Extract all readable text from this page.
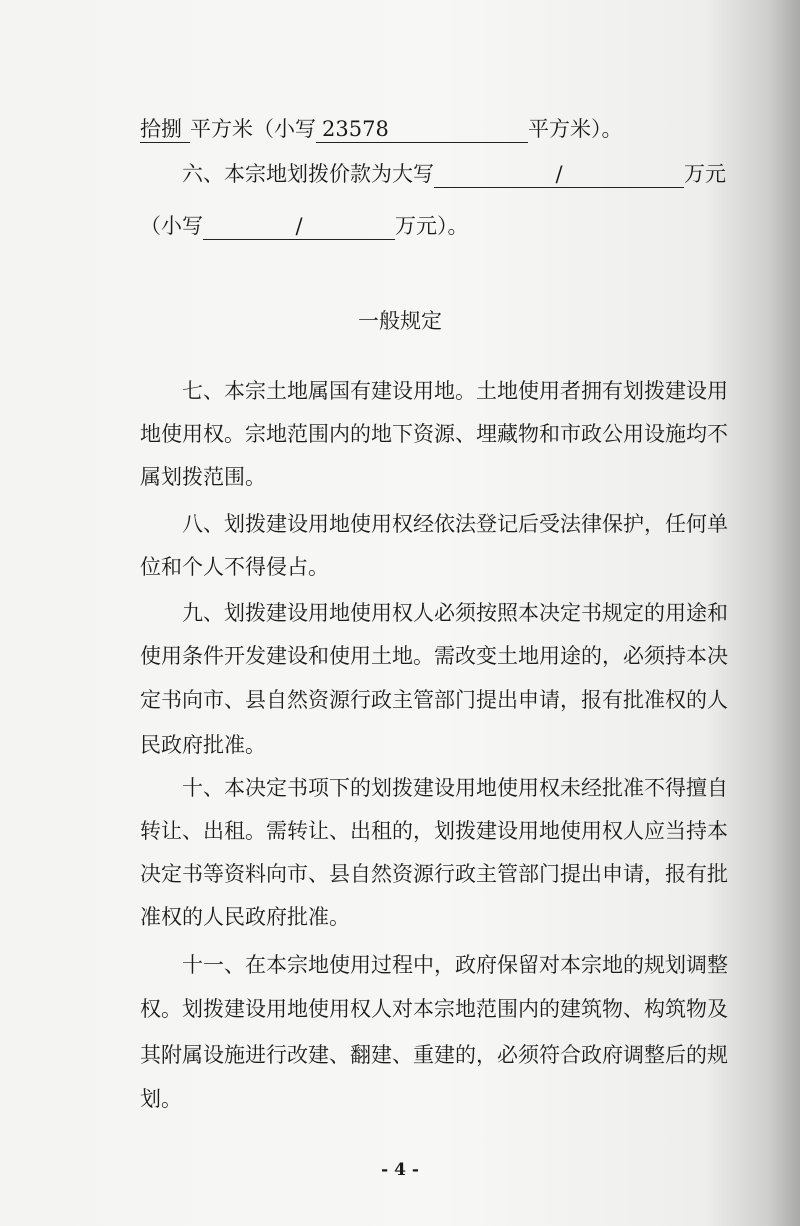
拾捌 平方米（小写 23578	平方米）。
六、本宗地划拨价款为大写	/	万元
（小写	/	万元）。
一般规定
七、本宗土地属国有建设用地。土地使用者拥有划拨建设用
地使用权。宗地范围内的地下资源、埋藏物和市政公用设施均不
属划拨范围。
八、划拨建设用地使用权经依法登记后受法律保护，任何单
位和个人不得侵占。
九、划拨建设用地使用权人必须按照本决定书规定的用途和
使用条件开发建设和使用土地。需改变土地用途的，必须持本决
定书向市、县自然资源行政主管部门提出申请，报有批准权的人
民政府批准。
十、本决定书项下的划拨建设用地使用权未经批准不得擅自
转让、出租。需转让、出租的，划拨建设用地使用权人应当持本
决定书等资料向市、县自然资源行政主管部门提出申请，报有批
准权的人民政府批准。
十一、在本宗地使用过程中，政府保留对本宗地的规划调整
权。划拨建设用地使用权人对本宗地范围内的建筑物、构筑物及
其附属设施进行改建、翻建、重建的，必须符合政府调整后的规
划。
- 4 -
